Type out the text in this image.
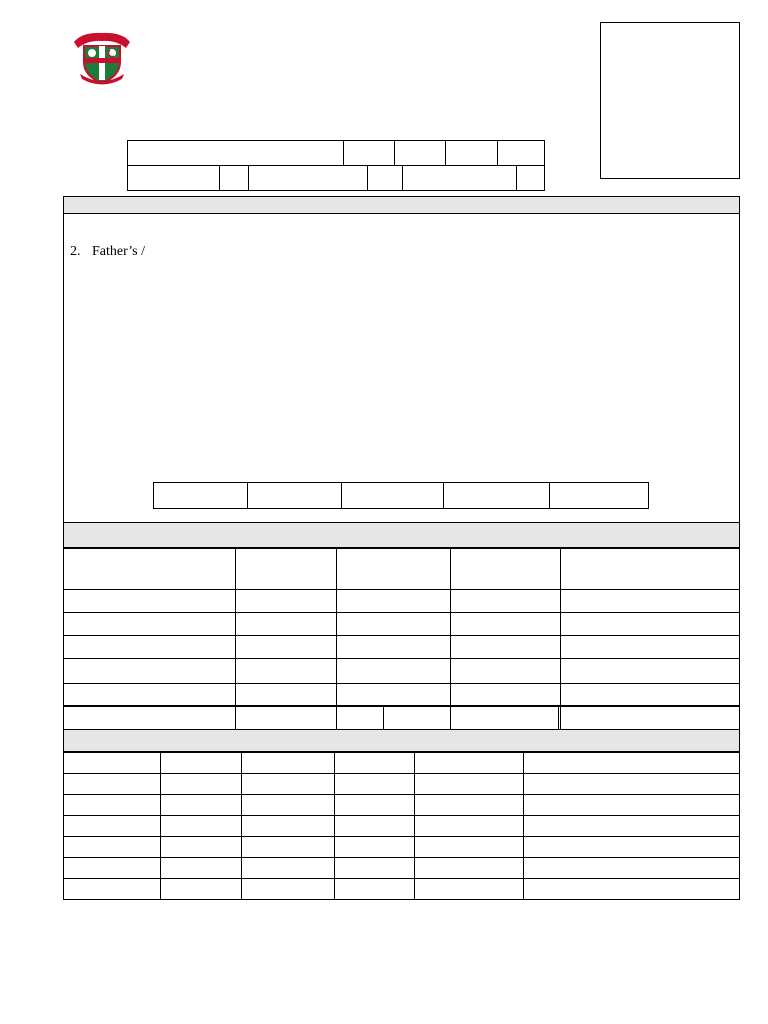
2. Father’s /
